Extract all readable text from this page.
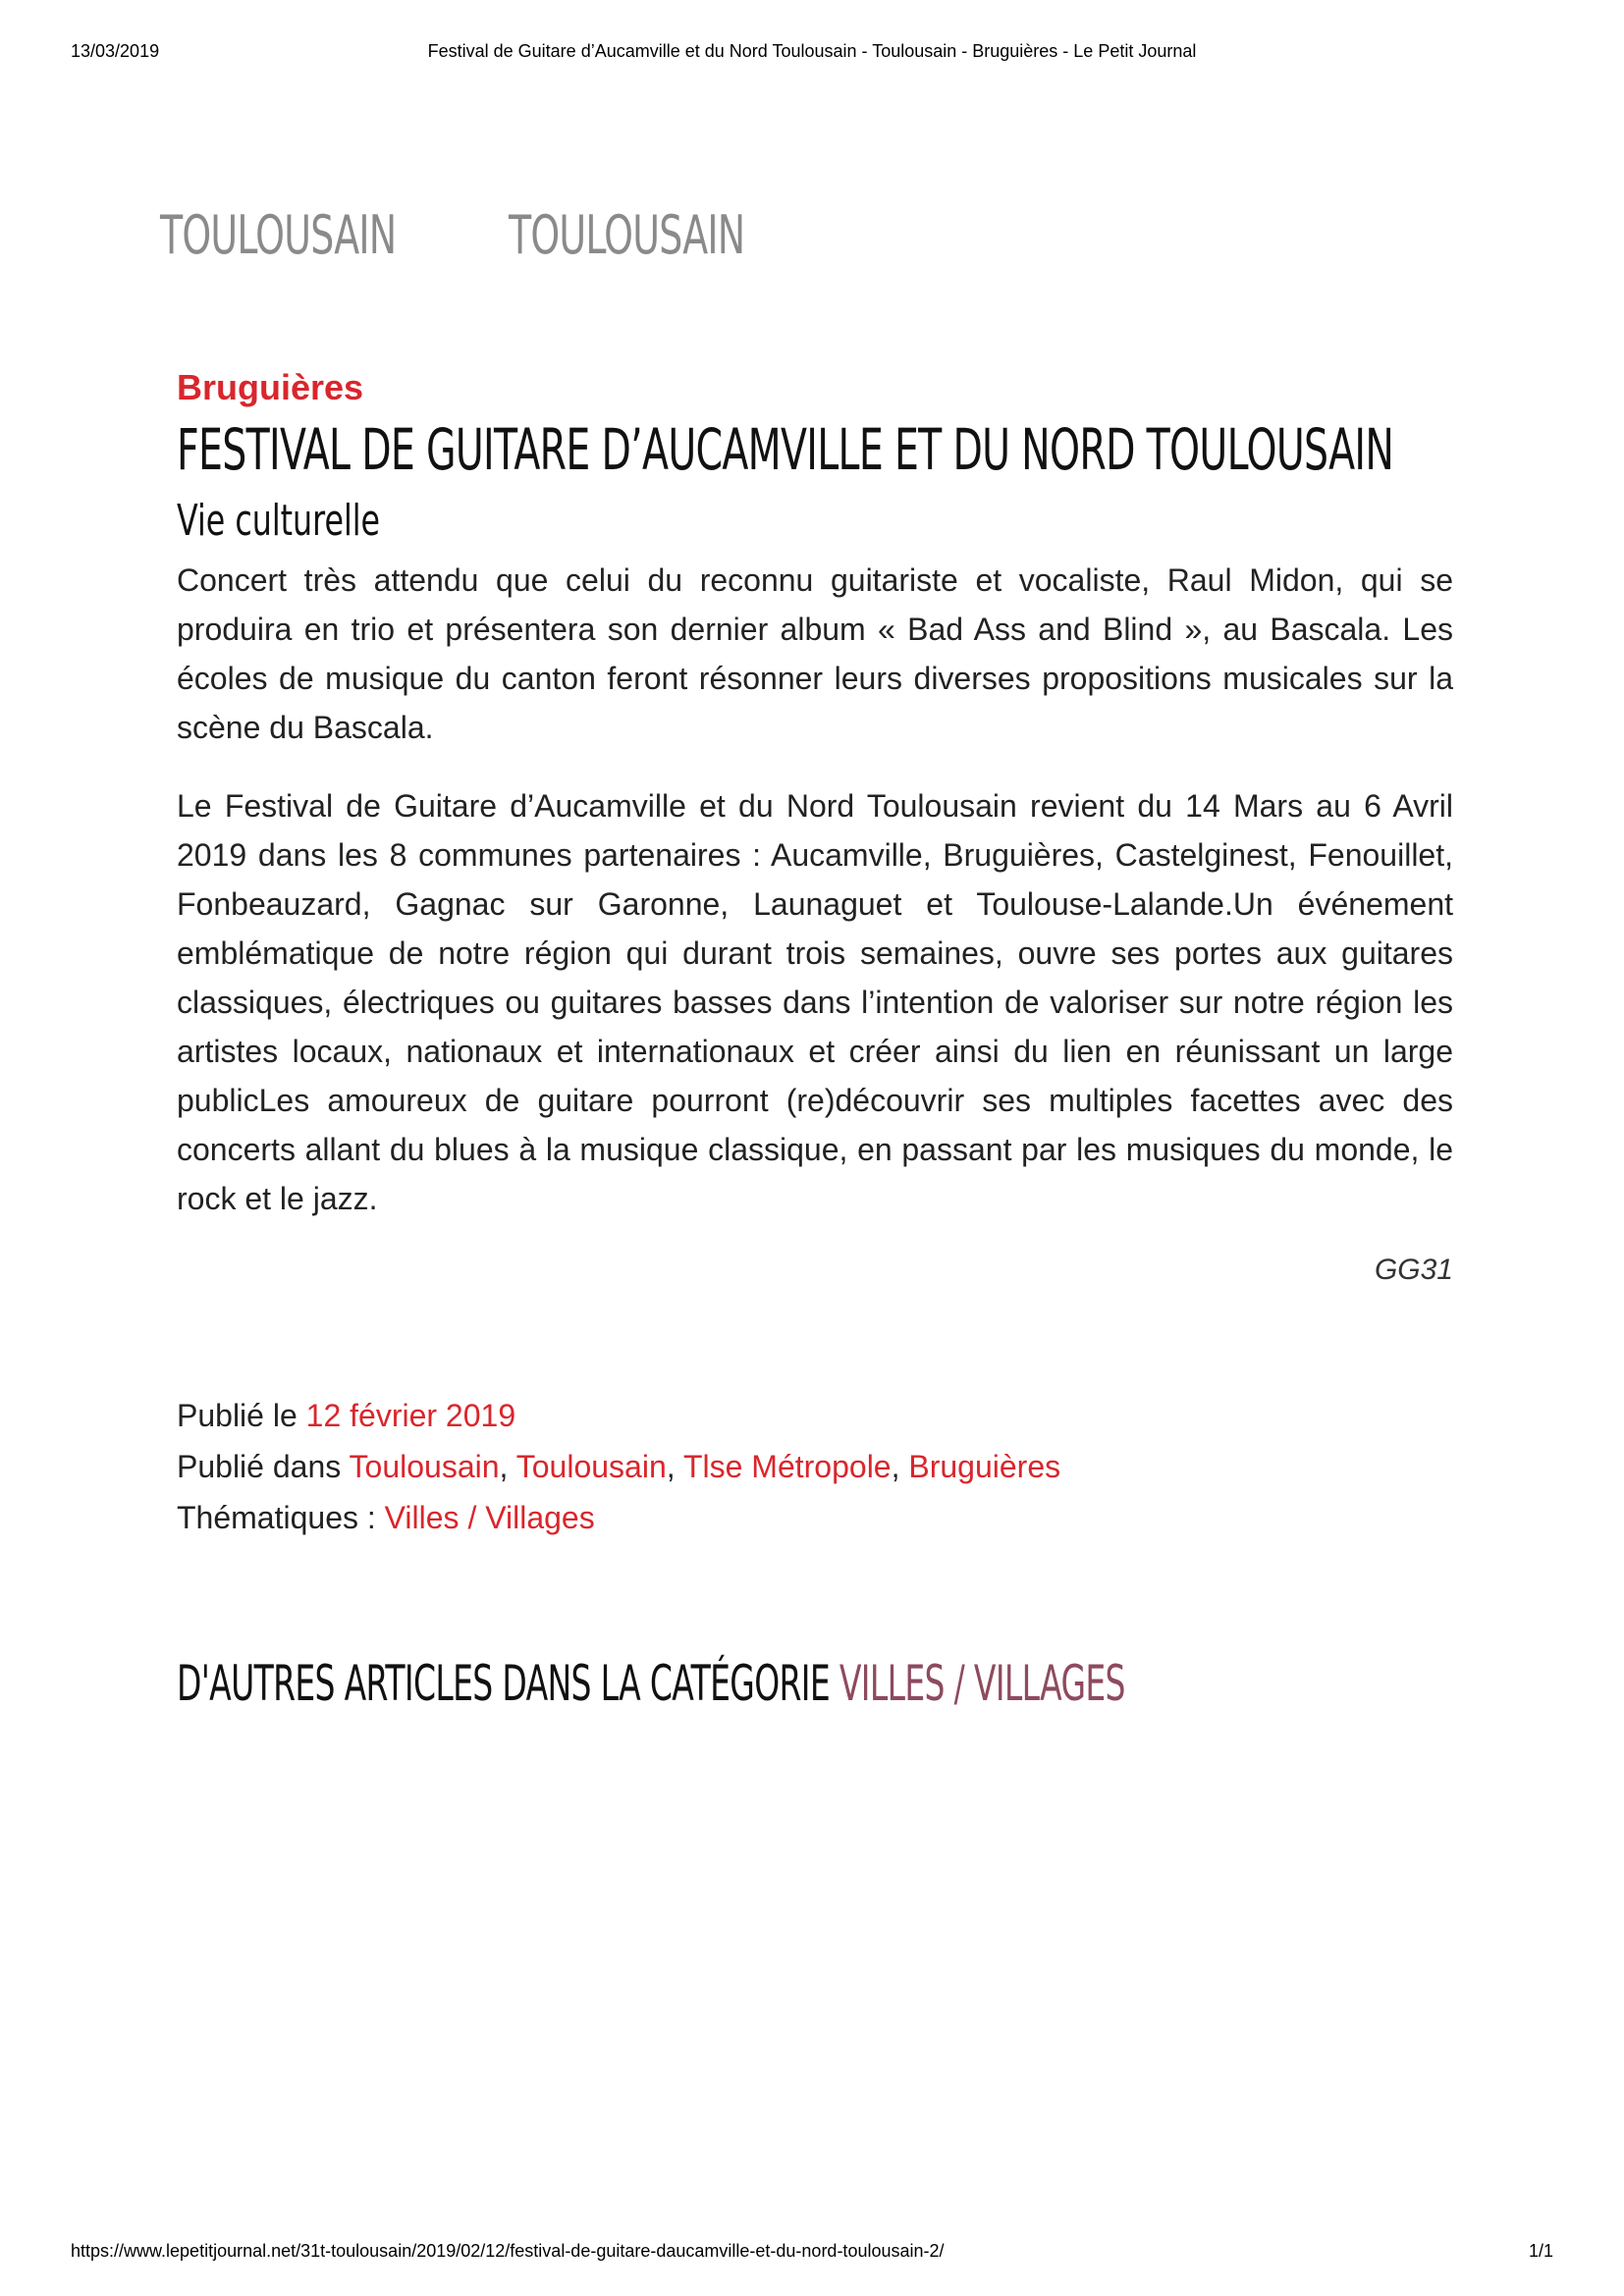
13/03/2019	Festival de Guitare d’Aucamville et du Nord Toulousain - Toulousain - Bruguières - Le Petit Journal
TOULOUSAIN TOULOUSAIN
Bruguières
FESTIVAL DE GUITARE D’AUCAMVILLE ET DU NORD TOULOUSAIN
Vie culturelle

Concert très attendu que celui du reconnu guitariste et vocaliste, Raul Midon, qui se produira en trio et présentera son dernier album « Bad Ass and Blind », au Bascala. Les écoles de musique du canton feront résonner leurs diverses propositions musicales sur la scène du Bascala.

Le Festival de Guitare d’Aucamville et du Nord Toulousain revient du 14 Mars au 6 Avril 2019 dans les 8 communes partenaires : Aucamville, Bruguières, Castelginest, Fenouillet, Fonbeauzard, Gagnac sur Garonne, Launaguet et Toulouse-Lalande.Un événement emblématique de notre région qui durant trois semaines, ouvre ses portes aux guitares classiques, électriques ou guitares basses dans l’intention de valoriser sur notre région les artistes locaux, nationaux et internationaux et créer ainsi du lien en réunissant un large publicLes amoureux de guitare pourront (re)découvrir ses multiples facettes avec des concerts allant du blues à la musique classique, en passant par les musiques du monde, le rock et le jazz.

GG31
Publié le 12 février 2019
Publié dans Toulousain, Toulousain, Tlse Métropole, Bruguières
Thématiques : Villes / Villages
D'AUTRES ARTICLES DANS LA CATÉGORIE VILLES / VILLAGES
https://www.lepetitjournal.net/31t-toulousain/2019/02/12/festival-de-guitare-daucamville-et-du-nord-toulousain-2/	1/1
